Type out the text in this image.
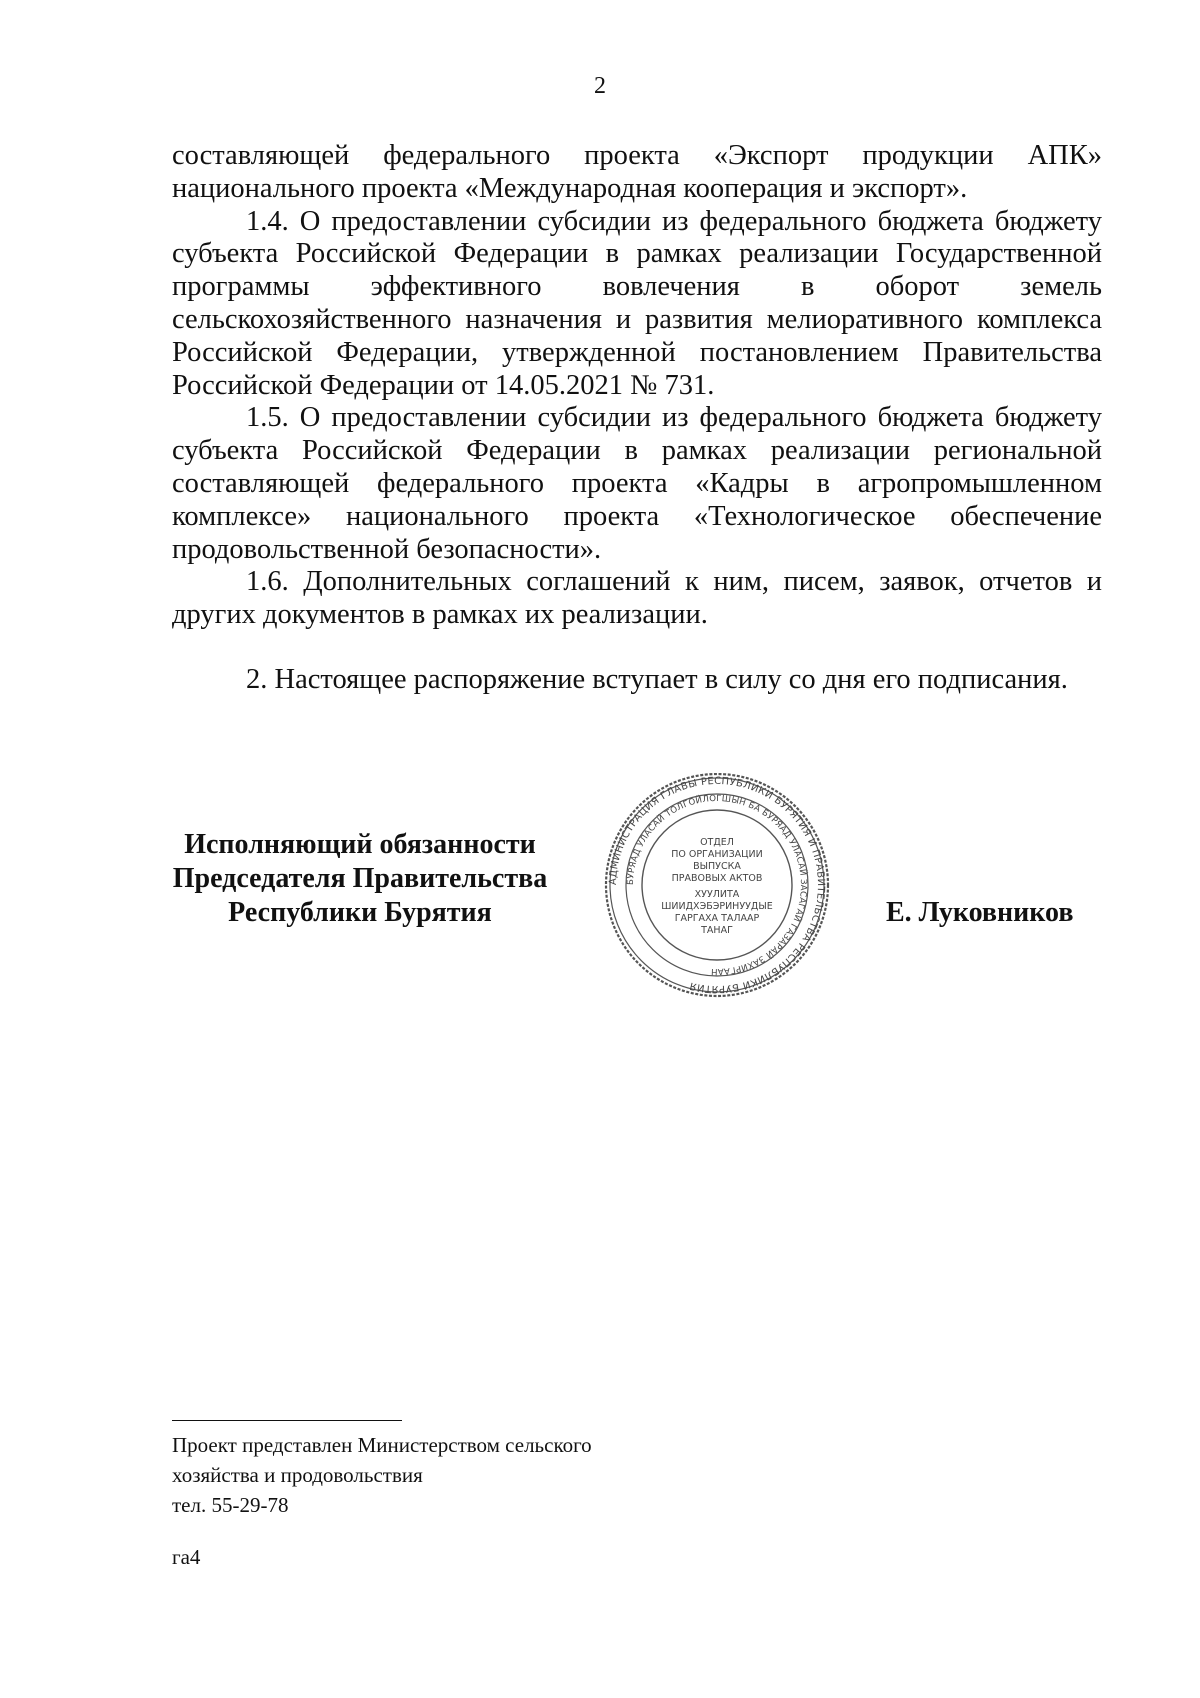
2

составляющей федерального проекта «Экспорт продукции АПК» национального проекта «Международная кооперация и экспорт».

1.4. О предоставлении субсидии из федерального бюджета бюджету субъекта Российской Федерации в рамках реализации Государственной программы эффективного вовлечения в оборот земель сельскохозяйственного назначения и развития мелиоративного комплекса Российской Федерации, утвержденной постановлением Правительства Российской Федерации от 14.05.2021 № 731.

1.5. О предоставлении субсидии из федерального бюджета бюджету субъекта Российской Федерации в рамках реализации региональной составляющей федерального проекта «Кадры в агропромышленном комплексе» национального проекта «Технологическое обеспечение продовольственной безопасности».

1.6. Дополнительных соглашений к ним, писем, заявок, отчетов и других документов в рамках их реализации.

2. Настоящее распоряжение вступает в силу со дня его подписания.

Исполняющий обязанности
Председателя Правительства
Республики Бурятия
АДМИНИСТРАЦИЯ ГЛАВЫ РЕСПУБЛИКИ БУРЯТИЯ И ПРАВИТЕЛЬСТВА РЕСПУБЛИКИ БУРЯТИЯ
БУРЯАД УЛАСАЙ ТОЛГОЙЛОГШЫН БА БУРЯАД УЛАСАЙ ЗАСАГАЙ ГАЗАРАЙ ЗАХИРГААН
ОТДЕЛ
ПО ОРГАНИЗАЦИИ
ВЫПУСКА
ПРАВОВЫХ АКТОВ
ХУУЛИТА
ШИИДХЭБЭРИНУУДЫЕ
ГАРГАХА ТАЛААР
ТАНАГ
Е. Луковников
Проект представлен Министерством сельского
хозяйства и продовольствия
тел. 55-29-78
га4
